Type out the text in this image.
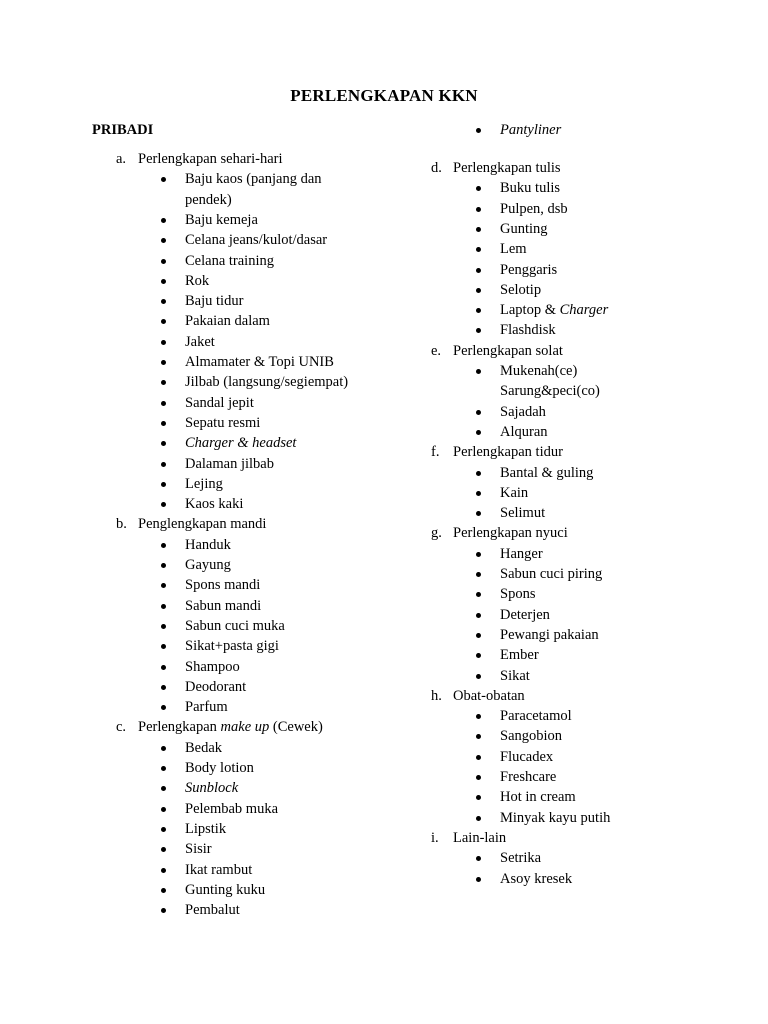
PERLENGKAPAN KKN
PRIBADI
a. Perlengkapan sehari-hari
Baju kaos (panjang dan
pendek)
Baju kemeja
Celana jeans/kulot/dasar
Celana training
Rok
Baju tidur
Pakaian dalam
Jaket
Almamater & Topi UNIB
Jilbab (langsung/segiempat)
Sandal jepit
Sepatu resmi
Charger & headset
Dalaman jilbab
Lejing
Kaos kaki
b. Penglengkapan mandi
Handuk
Gayung
Spons mandi
Sabun mandi
Sabun cuci muka
Sikat+pasta gigi
Shampoo
Deodorant
Parfum
c. Perlengkapan make up (Cewek)
Bedak
Body lotion
Sunblock
Pelembab muka
Lipstik
Sisir
Ikat rambut
Gunting kuku
Pembalut
Pantyliner
d. Perlengkapan tulis
Buku tulis
Pulpen, dsb
Gunting
Lem
Penggaris
Selotip
Laptop & Charger
Flashdisk
e. Perlengkapan solat
Mukenah(ce)
Sarung&peci(co)
Sajadah
Alquran
f. Perlengkapan tidur
Bantal & guling
Kain
Selimut
g. Perlengkapan nyuci
Hanger
Sabun cuci piring
Spons
Deterjen
Pewangi pakaian
Ember
Sikat
h. Obat-obatan
Paracetamol
Sangobion
Flucadex
Freshcare
Hot in cream
Minyak kayu putih
i. Lain-lain
Setrika
Asoy kresek
